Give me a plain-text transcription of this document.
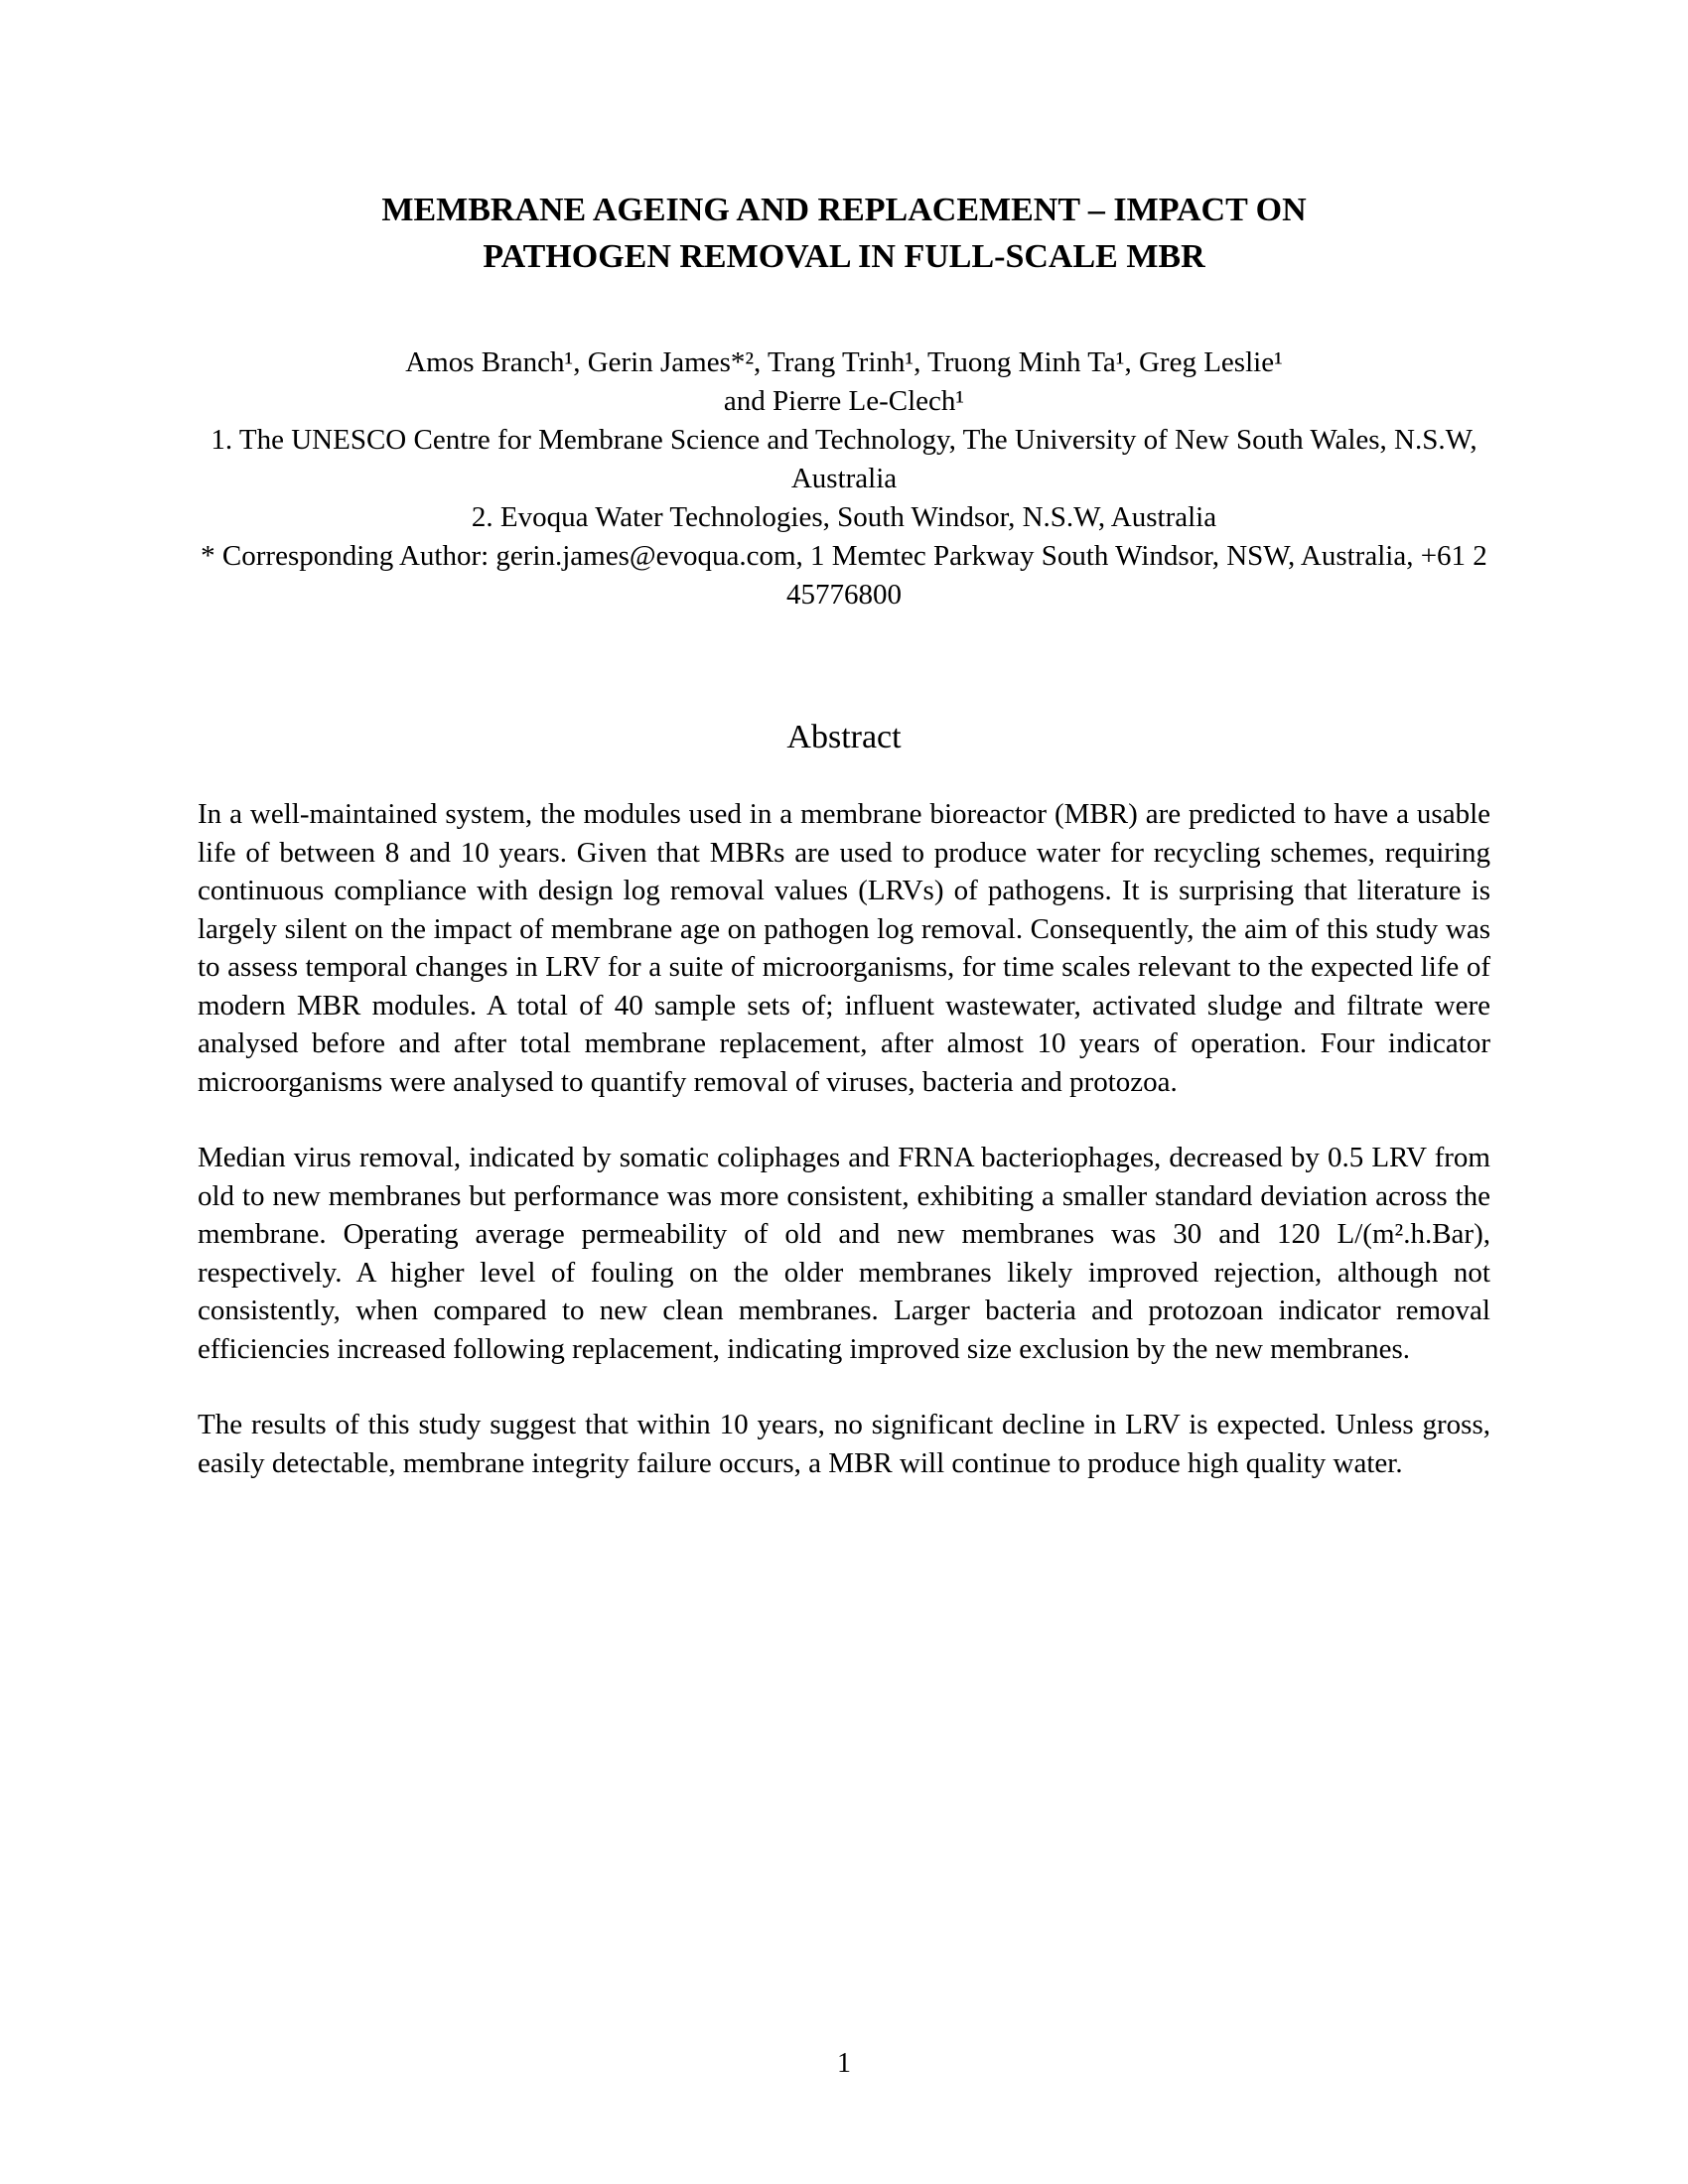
MEMBRANE AGEING AND REPLACEMENT – IMPACT ON
PATHOGEN REMOVAL IN FULL-SCALE MBR
Amos Branch¹, Gerin James*², Trang Trinh¹, Truong Minh Ta¹, Greg Leslie¹
and Pierre Le-Clech¹
1. The UNESCO Centre for Membrane Science and Technology, The University of New South Wales, N.S.W, Australia
2. Evoqua Water Technologies, South Windsor, N.S.W, Australia
* Corresponding Author: gerin.james@evoqua.com, 1 Memtec Parkway South Windsor, NSW, Australia, +61 2 45776800
Abstract

In a well-maintained system, the modules used in a membrane bioreactor (MBR) are predicted to have a usable life of between 8 and 10 years. Given that MBRs are used to produce water for recycling schemes, requiring continuous compliance with design log removal values (LRVs) of pathogens. It is surprising that literature is largely silent on the impact of membrane age on pathogen log removal. Consequently, the aim of this study was to assess temporal changes in LRV for a suite of microorganisms, for time scales relevant to the expected life of modern MBR modules. A total of 40 sample sets of; influent wastewater, activated sludge and filtrate were analysed before and after total membrane replacement, after almost 10 years of operation. Four indicator microorganisms were analysed to quantify removal of viruses, bacteria and protozoa.

Median virus removal, indicated by somatic coliphages and FRNA bacteriophages, decreased by 0.5 LRV from old to new membranes but performance was more consistent, exhibiting a smaller standard deviation across the membrane. Operating average permeability of old and new membranes was 30 and 120 L/(m².h.Bar), respectively. A higher level of fouling on the older membranes likely improved rejection, although not consistently, when compared to new clean membranes. Larger bacteria and protozoan indicator removal efficiencies increased following replacement, indicating improved size exclusion by the new membranes.

The results of this study suggest that within 10 years, no significant decline in LRV is expected. Unless gross, easily detectable, membrane integrity failure occurs, a MBR will continue to produce high quality water.

1
